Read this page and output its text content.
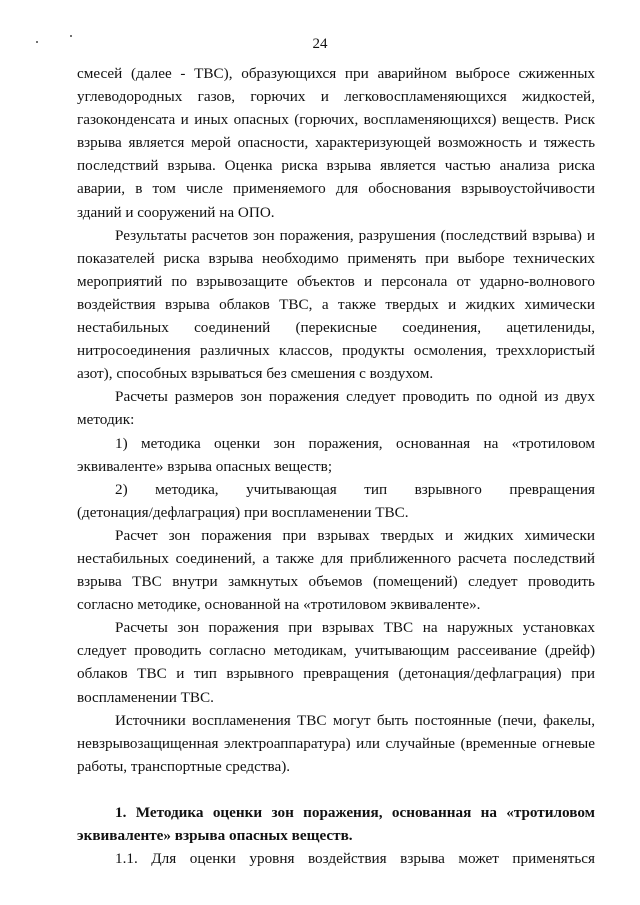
24
смесей (далее - ТВС), образующихся при аварийном выбросе сжиженных
углеводородных газов, горючих и легковоспламеняющихся жидкостей,
газоконденсата и иных опасных (горючих, воспламеняющихся) веществ. Риск
взрыва является мерой опасности, характеризующей возможность и тяжесть
последствий взрыва. Оценка риска взрыва является частью анализа риска
аварии, в том числе применяемого для обоснования взрывоустойчивости
зданий и сооружений на ОПО.
Результаты расчетов зон поражения, разрушения (последствий взрыва) и
показателей риска взрыва необходимо применять при выборе технических
мероприятий по взрывозащите объектов и персонала от ударно-волнового
воздействия взрыва облаков ТВС, а также твердых и жидких химически
нестабильных соединений (перекисные соединения, ацетилениды,
нитросоединения различных классов, продукты осмоления, треххлористый
азот), способных взрываться без смешения с воздухом.
Расчеты размеров зон поражения следует проводить по одной из двух
методик:
1) методика оценки зон поражения, основанная на «тротиловом
эквиваленте» взрыва опасных веществ;
2) методика, учитывающая тип взрывного превращения
(детонация/дефлаграция) при воспламенении ТВС.
Расчет зон поражения при взрывах твердых и жидких химически
нестабильных соединений, а также для приближенного расчета последствий
взрыва ТВС внутри замкнутых объемов (помещений) следует проводить
согласно методике, основанной на «тротиловом эквиваленте».
Расчеты зон поражения при взрывах ТВС на наружных установках
следует проводить согласно методикам, учитывающим рассеивание (дрейф)
облаков ТВС и тип взрывного превращения (детонация/дефлаграция) при
воспламенении ТВС.
Источники воспламенения ТВС могут быть постоянные (печи, факелы,
невзрывозащищенная электроаппаратура) или случайные (временные огневые
работы, транспортные средства).
1. Методика оценки зон поражения, основанная на «тротиловом
эквиваленте» взрыва опасных веществ.
1.1. Для оценки уровня воздействия взрыва может применяться
